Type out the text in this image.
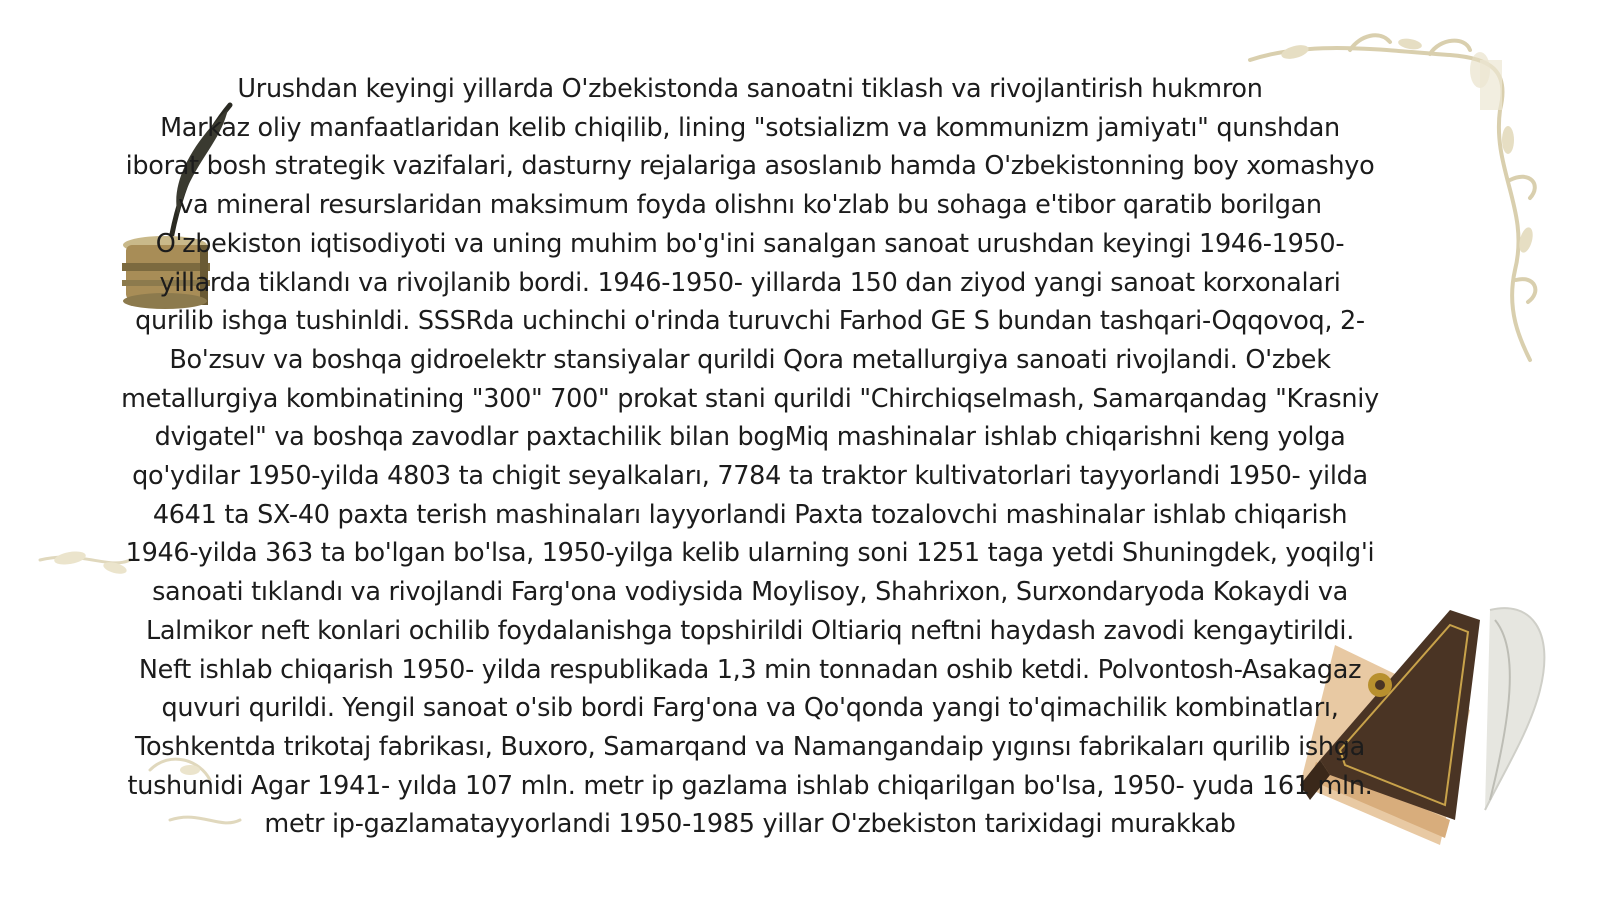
Urushdan keyingi yillarda O'zbekistonda sanoatni tiklash va rivojlantirish hukmron
Markaz oliy manfaatlaridan kelib chiqilib, lining "sotsializm va kommunizm jamiyatı" qunshdan
iborat bosh strategik vazifalari, dasturny rejalariga asoslanıb hamda O'zbekistonning boy xomashyo
va mineral resurslaridan maksimum foyda olishnı ko'zlab bu sohaga e'tibor qaratib borilgan
O'zbekiston iqtisodiyoti va uning muhim bo'g'ini sanalgan sanoat urushdan keyingi 1946-1950-
yillarda tiklandı va rivojlanib bordi. 1946-1950- yillarda 150 dan ziyod yangi sanoat korxonalari
qurilib ishga tushinldi. SSSRda uchinchi o'rinda turuvchi Farhod GE S bundan tashqari-Oqqovoq, 2-
Bo'zsuv va boshqa gidroelektr stansiyalar qurildi Qora metallurgiya sanoati rivojlandi. O'zbek
metallurgiya kombinatining "300" 700" prokat stani qurildi "Chirchiqselmash, Samarqandag "Krasniy
dvigatel" va boshqa zavodlar paxtachilik bilan bogMiq mashinalar ishlab chiqarishni keng yolga
qo'ydilar 1950-yilda 4803 ta chigit seyalkaları, 7784 ta traktor kultivatorlari tayyorlandi 1950- yilda
4641 ta SX-40 paxta terish mashinaları layyorlandi Paxta tozalovchi mashinalar ishlab chiqarish
1946-yilda 363 ta bo'lgan bo'lsa, 1950-yilga kelib ularning soni 1251 taga yetdi Shuningdek, yoqilg'i
sanoati tıklandı va rivojlandi Farg'ona vodiysida Moylisoy, Shahrixon, Surxondaryoda Kokaydi va
Lalmikor neft konlari ochilib foydalanishga topshirildi Oltiariq neftni haydash zavodi kengaytirildi.
Neft ishlab chiqarish 1950- yilda respublikada 1,3 min tonnadan oshib ketdi. Polvontosh-Asakagaz
quvuri qurildi. Yengil sanoat o'sib bordi Farg'ona va Qo'qonda yangi to'qimachilik kombinatları,
Toshkentda trikotaj fabrikası, Buxoro, Samarqand va Namangandaip yıgınsı fabrikaları qurilib ishga
tushunidi Agar 1941- yılda 107 mln. metr ip gazlama ishlab chiqarilgan bo'lsa, 1950- yuda 161 mln.
metr ip-gazlamatayyorlandi 1950-1985 yillar O'zbekiston tarixidagi murakkab
